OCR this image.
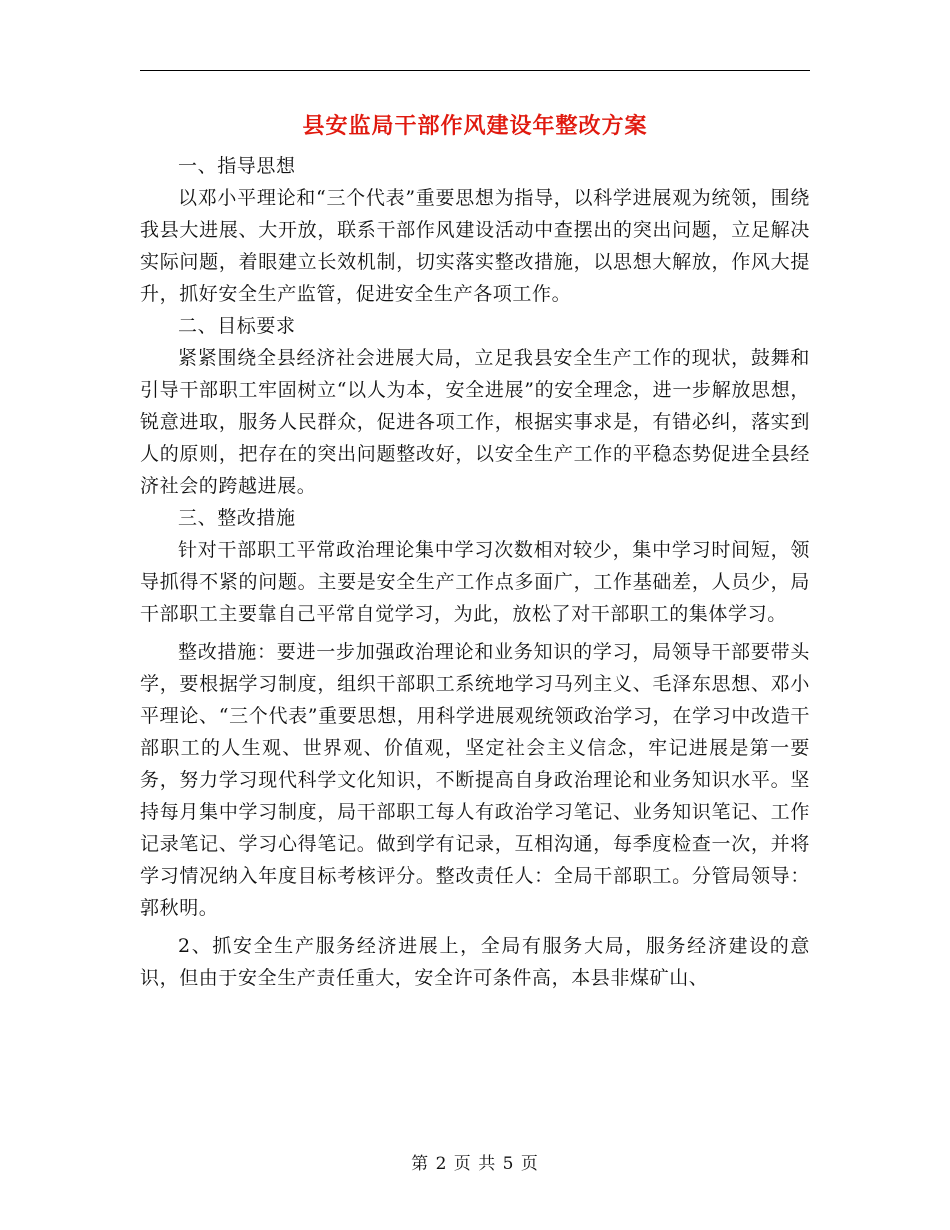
县安监局干部作风建设年整改方案

一、指导思想

以邓小平理论和“三个代表”重要思想为指导，以科学进展观为统领，围绕我县大进展、大开放，联系干部作风建设活动中查摆出的突出问题，立足解决实际问题，着眼建立长效机制，切实落实整改措施，以思想大解放，作风大提升，抓好安全生产监管，促进安全生产各项工作。

二、目标要求

紧紧围绕全县经济社会进展大局，立足我县安全生产工作的现状，鼓舞和引导干部职工牢固树立“以人为本，安全进展”的安全理念，进一步解放思想，锐意进取，服务人民群众，促进各项工作，根据实事求是，有错必纠，落实到人的原则，把存在的突出问题整改好，以安全生产工作的平稳态势促进全县经济社会的跨越进展。

三、整改措施

针对干部职工平常政治理论集中学习次数相对较少，集中学习时间短，领导抓得不紧的问题。主要是安全生产工作点多面广，工作基础差，人员少，局干部职工主要靠自己平常自觉学习，为此，放松了对干部职工的集体学习。

整改措施：要进一步加强政治理论和业务知识的学习，局领导干部要带头学，要根据学习制度，组织干部职工系统地学习马列主义、毛泽东思想、邓小平理论、“三个代表”重要思想，用科学进展观统领政治学习，在学习中改造干部职工的人生观、世界观、价值观，坚定社会主义信念，牢记进展是第一要务，努力学习现代科学文化知识，不断提高自身政治理论和业务知识水平。坚持每月集中学习制度，局干部职工每人有政治学习笔记、业务知识笔记、工作记录笔记、学习心得笔记。做到学有记录，互相沟通，每季度检查一次，并将学习情况纳入年度目标考核评分。整改责任人：全局干部职工。分管局领导：郭秋明。

2、抓安全生产服务经济进展上，全局有服务大局，服务经济建设的意识，但由于安全生产责任重大，安全许可条件高，本县非煤矿山、

第 2 页 共 5 页
